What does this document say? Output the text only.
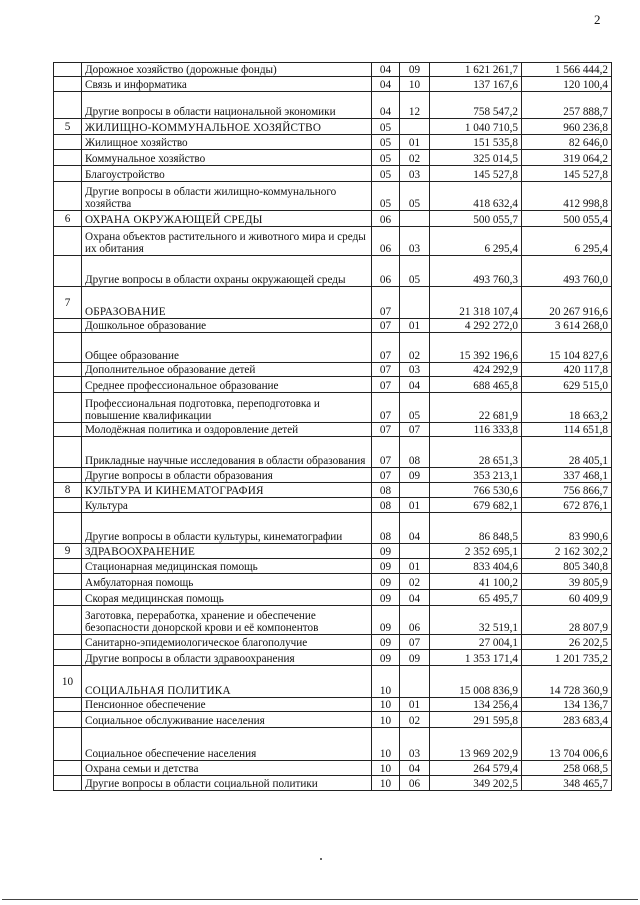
2
	Дорожное хозяйство (дорожные фонды)	04	09	1 621 261,7	1 566 444,2
	Связь и информатика	04	10	137 167,6	120 100,4
	Другие вопросы в области национальной экономики	04	12	758 547,2	257 888,7
5	ЖИЛИЩНО-КОММУНАЛЬНОЕ ХОЗЯЙСТВО	05		1 040 710,5	960 236,8
	Жилищное хозяйство	05	01	151 535,8	82 646,0
	Коммунальное хозяйство	05	02	325 014,5	319 064,2
	Благоустройство	05	03	145 527,8	145 527,8
	Другие вопросы в области жилищно-коммунального хозяйства	05	05	418 632,4	412 998,8
6	ОХРАНА ОКРУЖАЮЩЕЙ СРЕДЫ	06		500 055,7	500 055,4
	Охрана объектов растительного и животного мира и среды их обитания	06	03	6 295,4	6 295,4
	Другие вопросы в области охраны окружающей среды	06	05	493 760,3	493 760,0
7	ОБРАЗОВАНИЕ	07		21 318 107,4	20 267 916,6
	Дошкольное образование	07	01	4 292 272,0	3 614 268,0
	Общее образование	07	02	15 392 196,6	15 104 827,6
	Дополнительное образование детей	07	03	424 292,9	420 117,8
	Среднее профессиональное образование	07	04	688 465,8	629 515,0
	Профессиональная подготовка, переподготовка и повышение квалификации	07	05	22 681,9	18 663,2
	Молодёжная политика и оздоровление детей	07	07	116 333,8	114 651,8
	Прикладные научные исследования в области образования	07	08	28 651,3	28 405,1
	Другие вопросы в области образования	07	09	353 213,1	337 468,1
8	КУЛЬТУРА И КИНЕМАТОГРАФИЯ	08		766 530,6	756 866,7
	Культура	08	01	679 682,1	672 876,1
	Другие вопросы в области культуры, кинематографии	08	04	86 848,5	83 990,6
9	ЗДРАВООХРАНЕНИЕ	09		2 352 695,1	2 162 302,2
	Стационарная медицинская помощь	09	01	833 404,6	805 340,8
	Амбулаторная помощь	09	02	41 100,2	39 805,9
	Скорая медицинская помощь	09	04	65 495,7	60 409,9
	Заготовка, переработка, хранение и обеспечение безопасности донорской крови и её компонентов	09	06	32 519,1	28 807,9
	Санитарно-эпидемиологическое благополучие	09	07	27 004,1	26 202,5
	Другие вопросы в области здравоохранения	09	09	1 353 171,4	1 201 735,2
10	СОЦИАЛЬНАЯ ПОЛИТИКА	10		15 008 836,9	14 728 360,9
	Пенсионное обеспечение	10	01	134 256,4	134 136,7
	Социальное обслуживание населения	10	02	291 595,8	283 683,4
	Социальное обеспечение населения	10	03	13 969 202,9	13 704 006,6
	Охрана семьи и детства	10	04	264 579,4	258 068,5
	Другие вопросы в области социальной политики	10	06	349 202,5	348 465,7
